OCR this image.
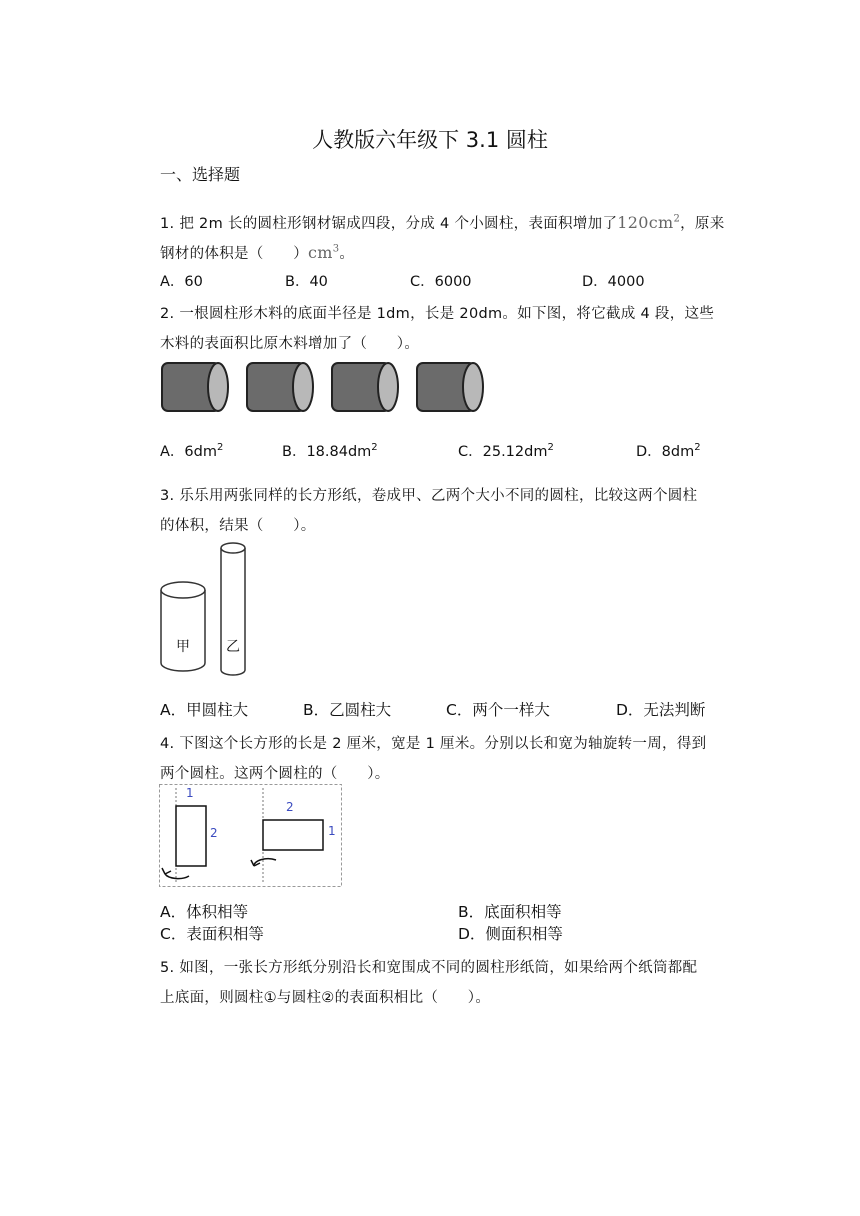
人教版六年级下 3.1 圆柱
一、选择题
1. 把 2m 长的圆柱形钢材锯成四段，分成 4 个小圆柱，表面积增加了$120cm^2$，原来
钢材的体积是（　　）$cm^3$。
A．60	B．40	C．6000	D．4000
2. 一根圆柱形木料的底面半径是 1dm，长是 20dm。如下图，将它截成 4 段，这些
木料的表面积比原木料增加了（　　）。
A．$6dm^2$	B．$18.84dm^2$	C．$25.12dm^2$	D．$8dm^2$
3. 乐乐用两张同样的长方形纸，卷成甲、乙两个大小不同的圆柱，比较这两个圆柱
的体积，结果（　　）。
甲	乙
A．甲圆柱大	B．乙圆柱大	C．两个一样大	D．无法判断
4. 下图这个长方形的长是 2 厘米，宽是 1 厘米。分别以长和宽为轴旋转一周，得到
两个圆柱。这两个圆柱的（　　）。
1
2
2
1
A．体积相等	B．底面积相等
C．表面积相等	D．侧面积相等
5. 如图，一张长方形纸分别沿长和宽围成不同的圆柱形纸筒，如果给两个纸筒都配
上底面，则圆柱①与圆柱②的表面积相比（　　）。
